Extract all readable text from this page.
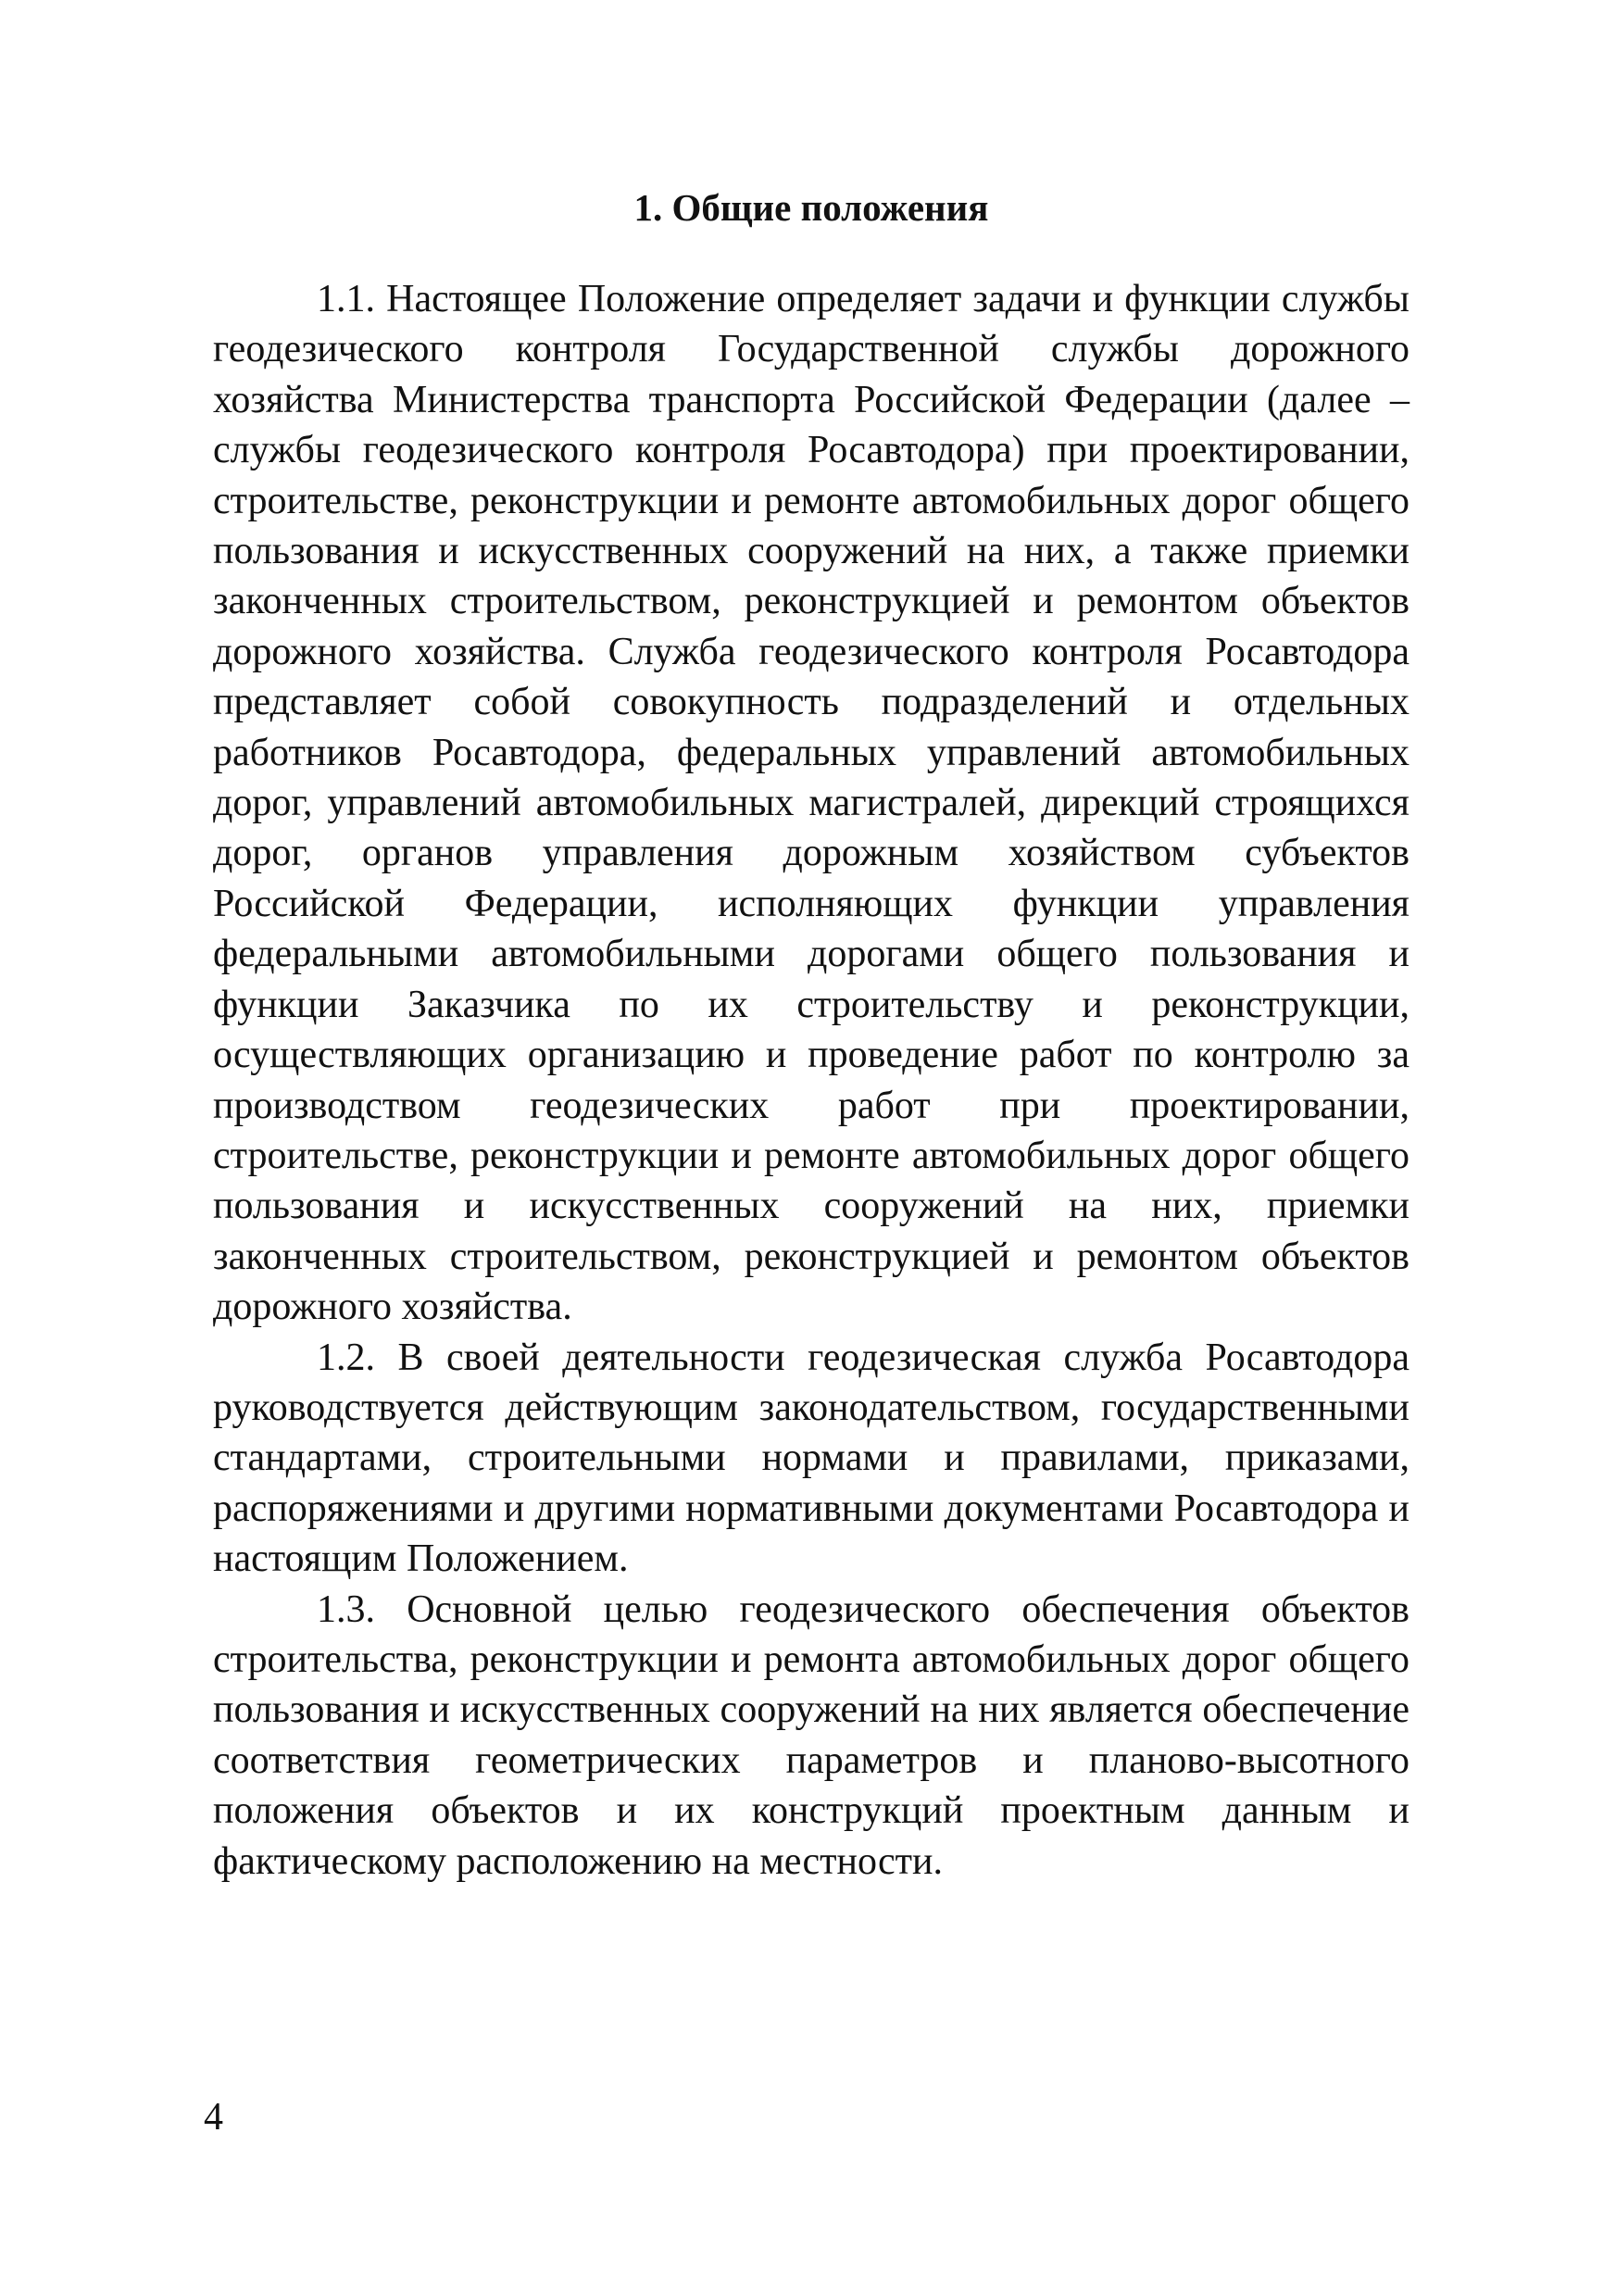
1. Общие положения

1.1. Настоящее Положение определяет задачи и функции службы геодезического контроля Государственной службы дорожного хозяйства Министерства транспорта Российской Федерации (далее – службы геодезического контроля Росавтодора) при проектировании, строительстве, реконструкции и ремонте автомобильных дорог общего пользования и искусственных сооружений на них, а также приемки законченных строительством, реконструкцией и ремонтом объектов дорожного хозяйства. Служба геодезического контроля Росавтодора представляет собой совокупность подразделений и отдельных работников Росавтодора, федеральных управлений автомобильных дорог, управлений автомобильных магистралей, дирекций строящихся дорог, органов управления дорожным хозяйством субъектов Российской Федерации, исполняющих функции управления федеральными автомобильными дорогами общего пользования и функции Заказчика по их строительству и реконструкции, осуществляющих организацию и проведение работ по контролю за производством геодезических работ при проектировании, строительстве, реконструкции и ремонте автомобильных дорог общего пользования и искусственных сооружений на них, приемки законченных строительством, реконструкцией и ремонтом объектов дорожного хозяйства.

1.2. В своей деятельности геодезическая служба Росавтодора руководствуется действующим законодательством, государственными стандартами, строительными нормами и правилами, приказами, распоряжениями и другими нормативными документами Росавтодора и настоящим Положением.

1.3. Основной целью геодезического обеспечения объектов строительства, реконструкции и ремонта автомобильных дорог общего пользования и искусственных сооружений на них является обеспечение соответствия геометрических параметров и планово-высотного положения объектов и их конструкций проектным данным и фактическому расположению на местности.

4
